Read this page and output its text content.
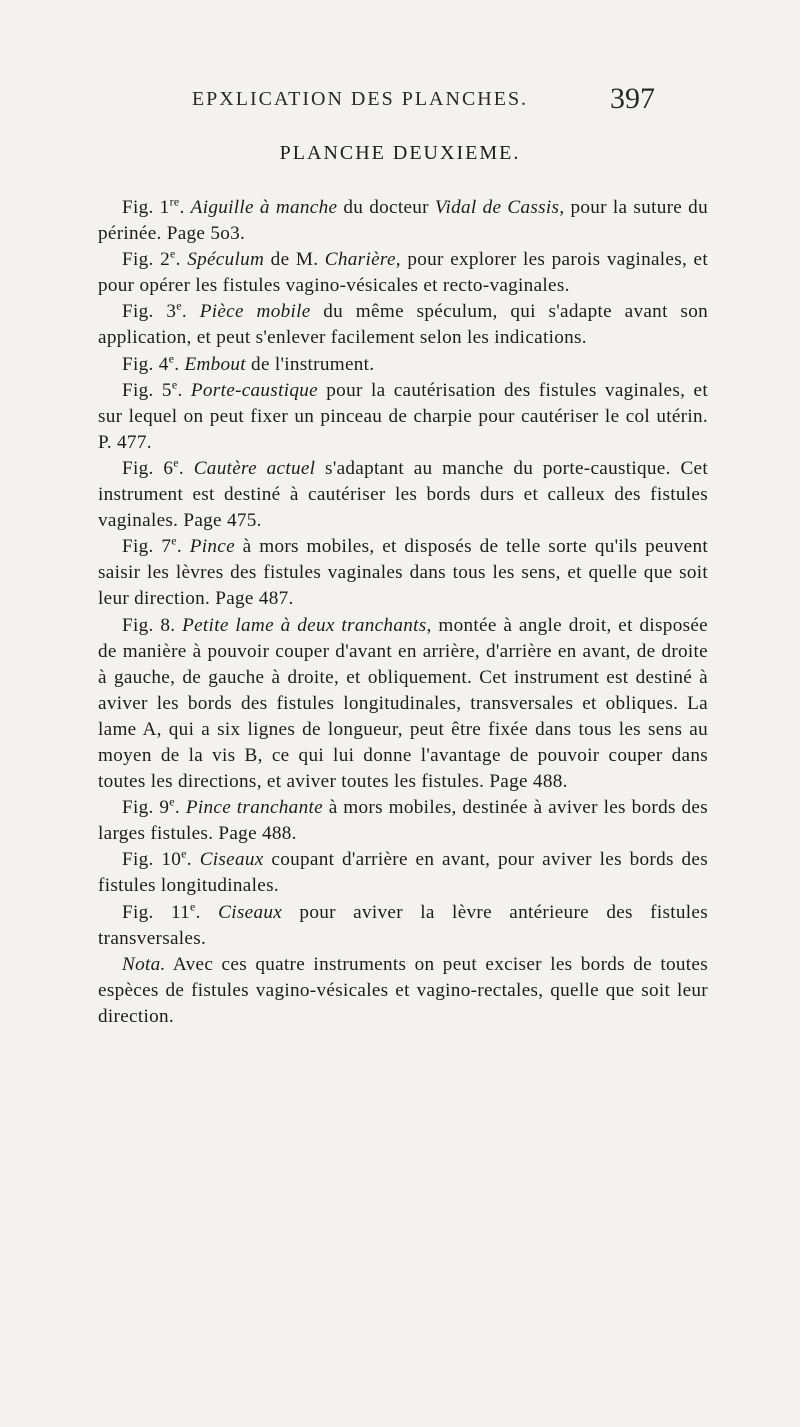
EPXLICATION DES PLANCHES.	397
PLANCHE DEUXIEME.

Fig. 1re. Aiguille à manche du docteur Vidal de Cassis, pour la suture du périnée. Page 5o3.

Fig. 2e. Spéculum de M. Charière, pour explorer les parois vaginales, et pour opérer les fistules vagino-vésicales et recto-vaginales.

Fig. 3e. Pièce mobile du même spéculum, qui s'adapte avant son application, et peut s'enlever facilement selon les indications.

Fig. 4e. Embout de l'instrument.

Fig. 5e. Porte-caustique pour la cautérisation des fistules vaginales, et sur lequel on peut fixer un pinceau de charpie pour cautériser le col utérin. P. 477.

Fig. 6e. Cautère actuel s'adaptant au manche du porte-caustique. Cet instrument est destiné à cautériser les bords durs et calleux des fistules vaginales. Page 475.

Fig. 7e. Pince à mors mobiles, et disposés de telle sorte qu'ils peuvent saisir les lèvres des fistules vaginales dans tous les sens, et quelle que soit leur direction. Page 487.

Fig. 8. Petite lame à deux tranchants, montée à angle droit, et disposée de manière à pouvoir couper d'avant en arrière, d'arrière en avant, de droite à gauche, de gauche à droite, et obliquement. Cet instrument est destiné à aviver les bords des fistules longitudinales, transversales et obliques. La lame A, qui a six lignes de longueur, peut être fixée dans tous les sens au moyen de la vis B, ce qui lui donne l'avantage de pouvoir couper dans toutes les directions, et aviver toutes les fistules. Page 488.

Fig. 9e. Pince tranchante à mors mobiles, destinée à aviver les bords des larges fistules. Page 488.

Fig. 10e. Ciseaux coupant d'arrière en avant, pour aviver les bords des fistules longitudinales.

Fig. 11e. Ciseaux pour aviver la lèvre antérieure des fistules transversales.

Nota. Avec ces quatre instruments on peut exciser les bords de toutes espèces de fistules vagino-vésicales et vagino-rectales, quelle que soit leur direction.
